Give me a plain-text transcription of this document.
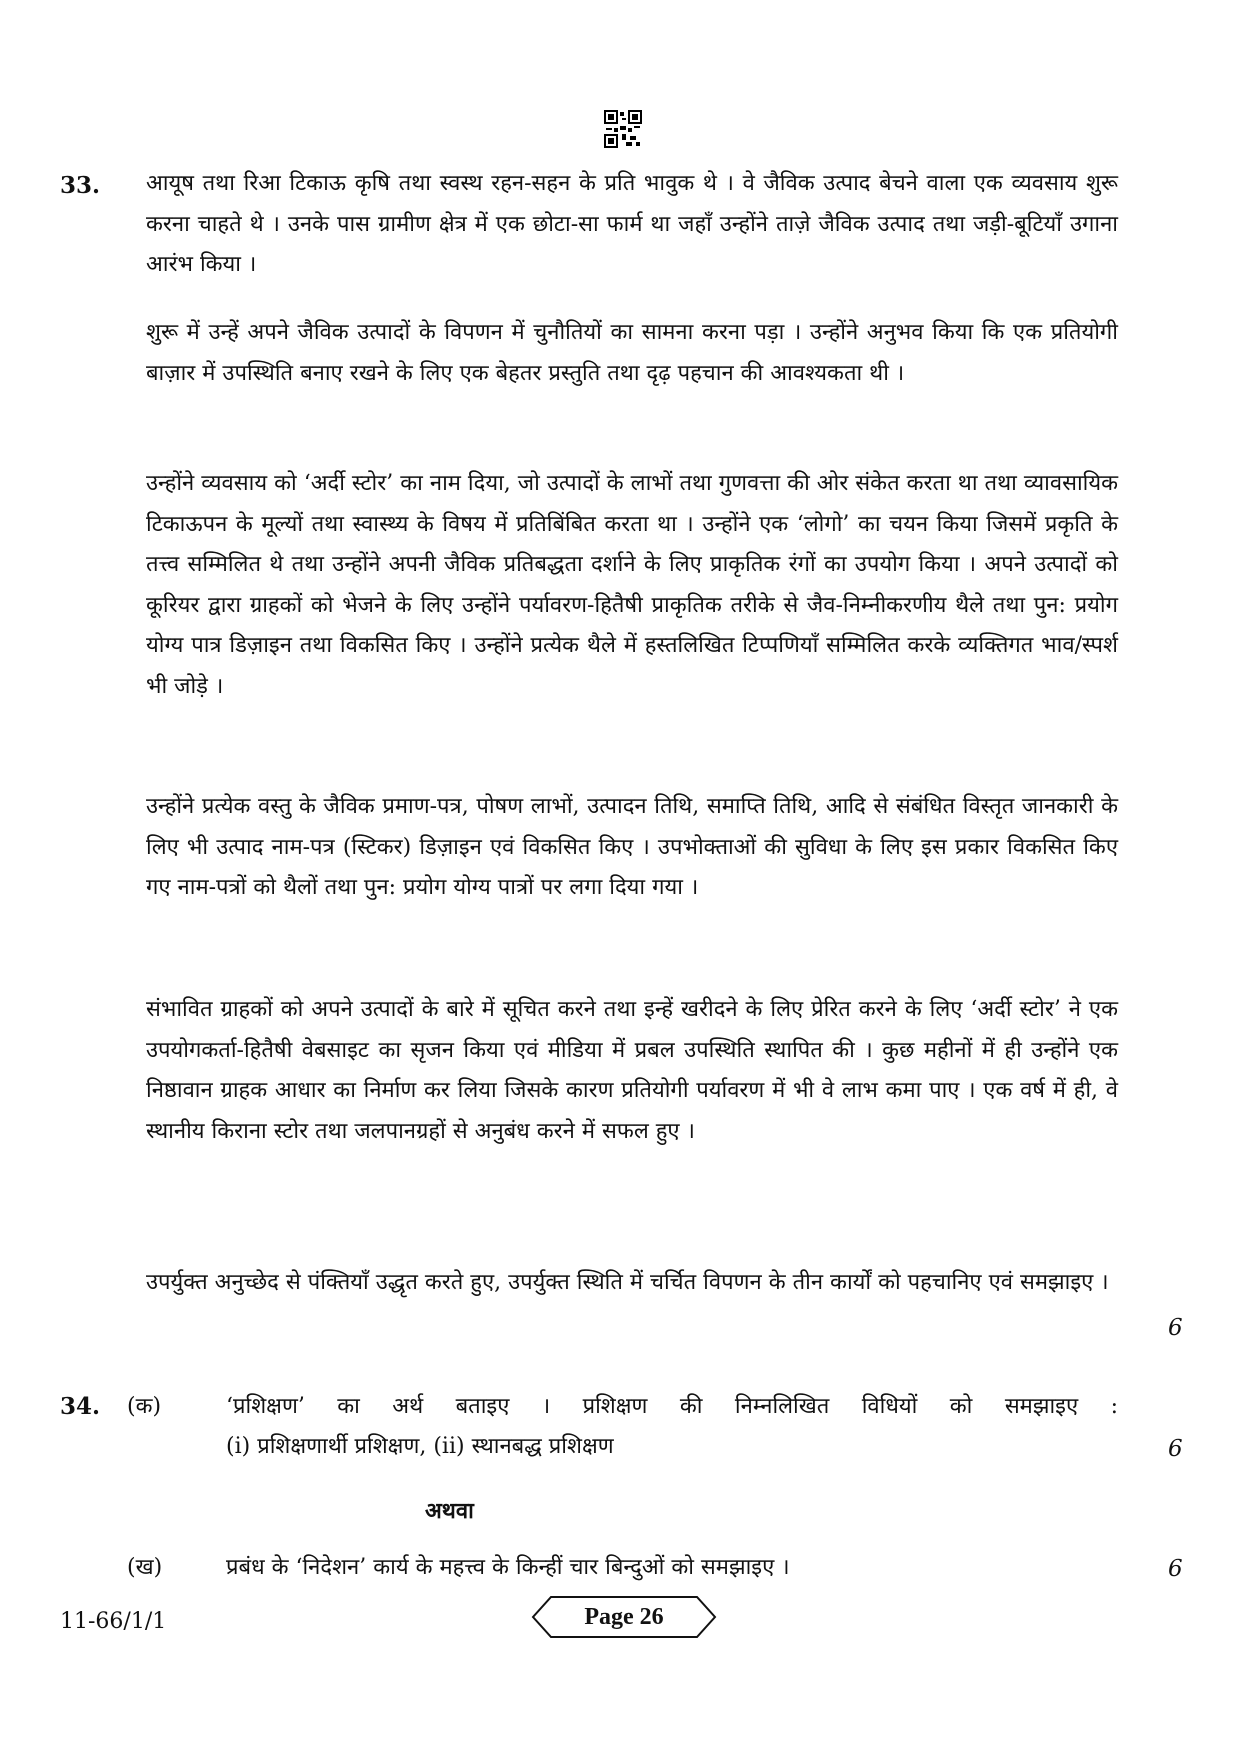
33. आयूष तथा रिआ टिकाऊ कृषि तथा स्वस्थ रहन-सहन के प्रति भावुक थे । वे जैविक उत्पाद बेचने वाला एक व्यवसाय शुरू करना चाहते थे । उनके पास ग्रामीण क्षेत्र में एक छोटा-सा फार्म था जहाँ उन्होंने ताज़े जैविक उत्पाद तथा जड़ी-बूटियाँ उगाना आरंभ किया ।

शुरू में उन्हें अपने जैविक उत्पादों के विपणन में चुनौतियों का सामना करना पड़ा । उन्होंने अनुभव किया कि एक प्रतियोगी बाज़ार में उपस्थिति बनाए रखने के लिए एक बेहतर प्रस्तुति तथा दृढ़ पहचान की आवश्यकता थी ।

उन्होंने व्यवसाय को ‘अर्दी स्टोर’ का नाम दिया, जो उत्पादों के लाभों तथा गुणवत्ता की ओर संकेत करता था तथा व्यावसायिक टिकाऊपन के मूल्यों तथा स्वास्थ्य के विषय में प्रतिबिंबित करता था । उन्होंने एक ‘लोगो’ का चयन किया जिसमें प्रकृति के तत्त्व सम्मिलित थे तथा उन्होंने अपनी जैविक प्रतिबद्धता दर्शाने के लिए प्राकृतिक रंगों का उपयोग किया । अपने उत्पादों को कूरियर द्वारा ग्राहकों को भेजने के लिए उन्होंने पर्यावरण-हितैषी प्राकृतिक तरीके से जैव-निम्नीकरणीय थैले तथा पुन: प्रयोग योग्य पात्र डिज़ाइन तथा विकसित किए । उन्होंने प्रत्येक थैले में हस्तलिखित टिप्पणियाँ सम्मिलित करके व्यक्तिगत भाव/स्पर्श भी जोड़े ।

उन्होंने प्रत्येक वस्तु के जैविक प्रमाण-पत्र, पोषण लाभों, उत्पादन तिथि, समाप्ति तिथि, आदि से संबंधित विस्तृत जानकारी के लिए भी उत्पाद नाम-पत्र (स्टिकर) डिज़ाइन एवं विकसित किए । उपभोक्ताओं की सुविधा के लिए इस प्रकार विकसित किए गए नाम-पत्रों को थैलों तथा पुन: प्रयोग योग्य पात्रों पर लगा दिया गया ।

संभावित ग्राहकों को अपने उत्पादों के बारे में सूचित करने तथा इन्हें खरीदने के लिए प्रेरित करने के लिए ‘अर्दी स्टोर’ ने एक उपयोगकर्ता-हितैषी वेबसाइट का सृजन किया एवं मीडिया में प्रबल उपस्थिति स्थापित की । कुछ महीनों में ही उन्होंने एक निष्ठावान ग्राहक आधार का निर्माण कर लिया जिसके कारण प्रतियोगी पर्यावरण में भी वे लाभ कमा पाए । एक वर्ष में ही, वे स्थानीय किराना स्टोर तथा जलपानग्रहों से अनुबंध करने में सफल हुए ।

उपर्युक्त अनुच्छेद से पंक्तियाँ उद्धृत करते हुए, उपर्युक्त स्थिति में चर्चित विपणन के तीन कार्यों को पहचानिए एवं समझाइए ।

6
34. (क)	‘प्रशिक्षण’ का अर्थ बताइए । प्रशिक्षण की निम्नलिखित विधियों को समझाइए :
(i) प्रशिक्षणार्थी प्रशिक्षण, (ii) स्थानबद्ध प्रशिक्षण	6
अथवा
(ख)	प्रबंध के ‘निदेशन’ कार्य के महत्त्व के किन्हीं चार बिन्दुओं को समझाइए ।	6
11-66/1/1	Page 26
